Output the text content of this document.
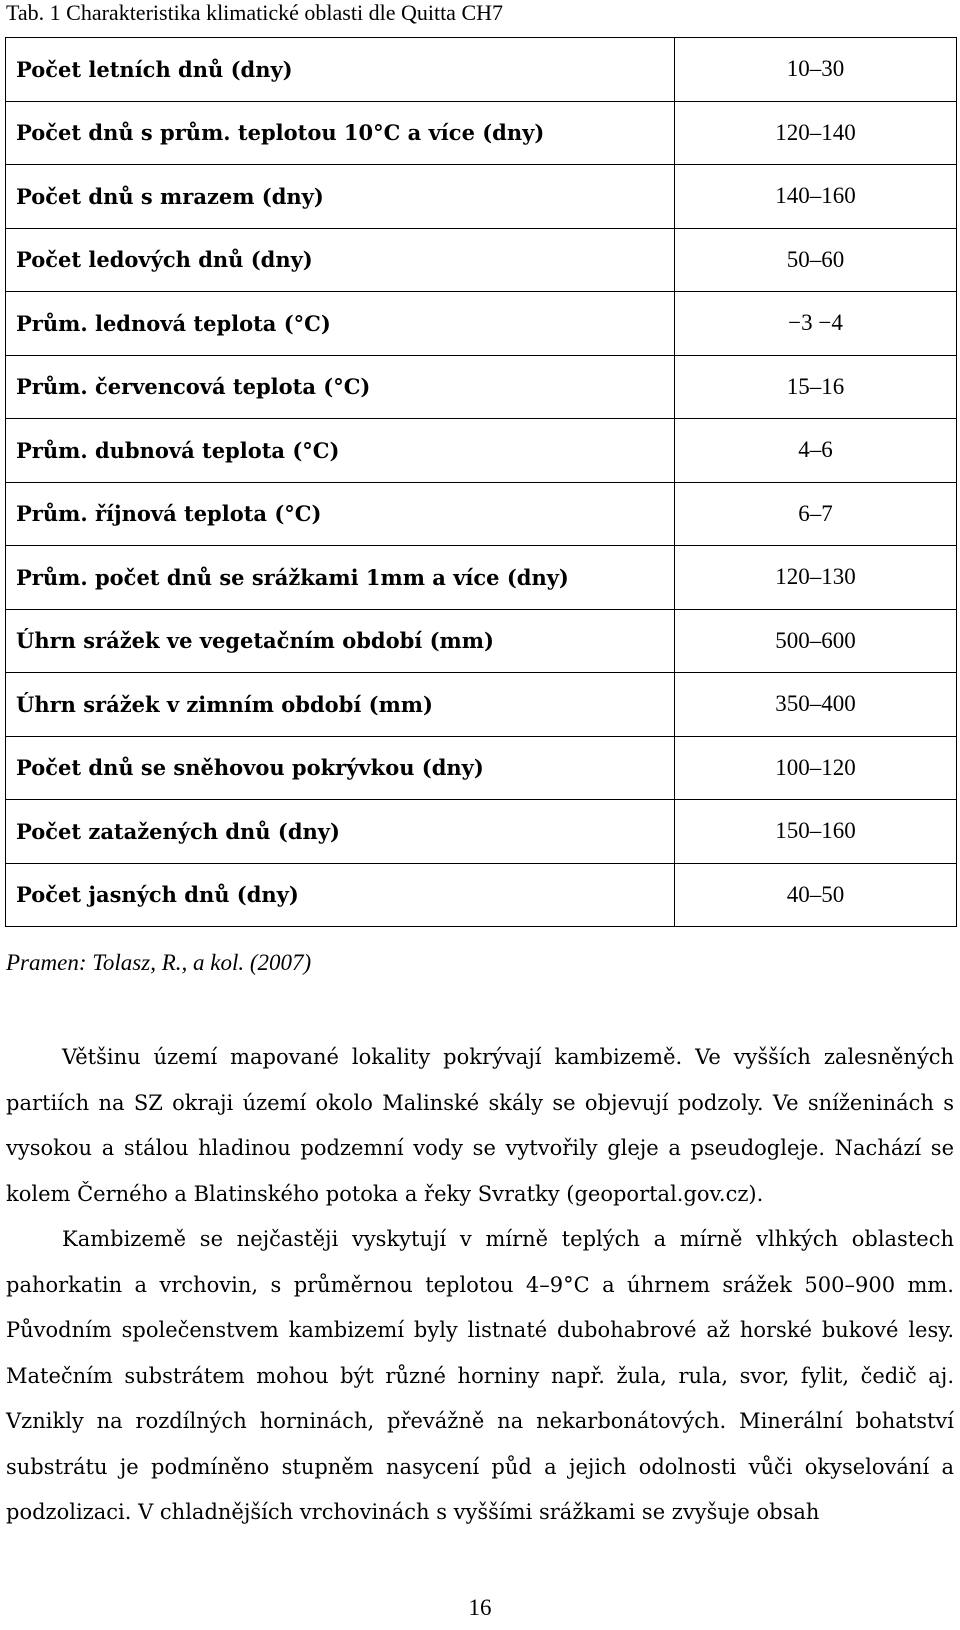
Tab. 1 Charakteristika klimatické oblasti dle Quitta CH7
Počet letních dnů (dny)	10–30
Počet dnů s prům. teplotou 10°C a více (dny)	120–140
Počet dnů s mrazem (dny)	140–160
Počet ledových dnů (dny)	50–60
Prům. lednová teplota (°C)	−3 −4
Prům. červencová teplota (°C)	15–16
Prům. dubnová teplota (°C)	4–6
Prům. říjnová teplota (°C)	6–7
Prům. počet dnů se srážkami 1mm a více (dny)	120–130
Úhrn srážek ve vegetačním období (mm)	500–600
Úhrn srážek v zimním období (mm)	350–400
Počet dnů se sněhovou pokrývkou (dny)	100–120
Počet zatažených dnů (dny)	150–160
Počet jasných dnů (dny)	40–50
Pramen: Tolasz, R., a kol. (2007)

Většinu území mapované lokality pokrývají kambizemě. Ve vyšších zalesněných partiích na SZ okraji území okolo Malinské skály se objevují podzoly. Ve sníženinách s vysokou a stálou hladinou podzemní vody se vytvořily gleje a pseudogleje. Nachází se kolem Černého a Blatinského potoka a řeky Svratky (geoportal.gov.cz).

Kambizemě se nejčastěji vyskytují v mírně teplých a mírně vlhkých oblastech pahorkatin a vrchovin, s průměrnou teplotou 4–9°C a úhrnem srážek 500–900 mm. Původním společenstvem kambizemí byly listnaté dubohabrové až horské bukové lesy. Matečním substrátem mohou být různé horniny např. žula, rula, svor, fylit, čedič aj. Vznikly na rozdílných horninách, převážně na nekarbonátových. Minerální bohatství substrátu je podmíněno stupněm nasycení půd a jejich odolnosti vůči okyselování a podzolizaci. V chladnějších vrchovinách s vyššími srážkami se zvyšuje obsah

16
